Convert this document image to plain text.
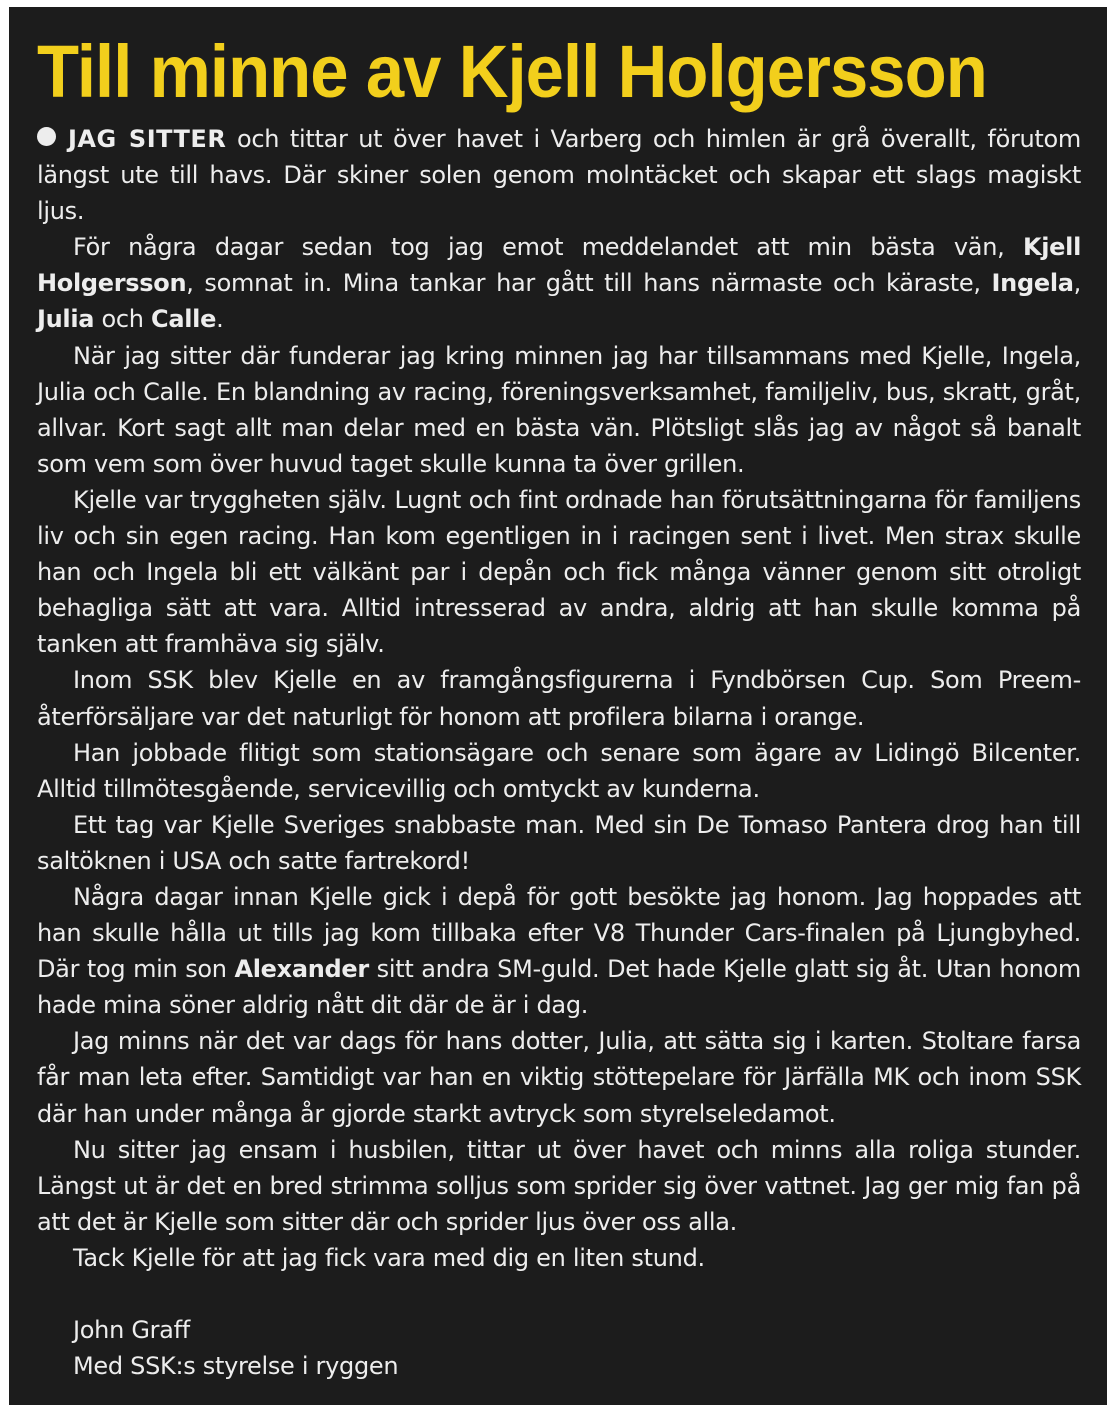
Till minne av Kjell Holgersson

JAG SITTER och tittar ut över havet i Varberg och himlen är grå överallt, förutom längst ute till havs. Där skiner solen genom molntäcket och skapar ett slags magiskt ljus.

För några dagar sedan tog jag emot meddelandet att min bästa vän, Kjell Holgersson, somnat in. Mina tankar har gått till hans närmaste och käraste, Ingela, Julia och Calle.

När jag sitter där funderar jag kring minnen jag har tillsammans med Kjelle, Ingela, Julia och Calle. En blandning av racing, föreningsverksamhet, familjeliv, bus, skratt, gråt, allvar. Kort sagt allt man delar med en bästa vän. Plötsligt slås jag av något så banalt som vem som över huvud taget skulle kunna ta över grillen.

Kjelle var tryggheten själv. Lugnt och fint ordnade han förutsättningarna för familjens liv och sin egen racing. Han kom egentligen in i racingen sent i livet. Men strax skulle han och Ingela bli ett välkänt par i depån och fick många vänner genom sitt otroligt behagliga sätt att vara. Alltid intresserad av andra, aldrig att han skulle komma på tanken att framhäva sig själv.

Inom SSK blev Kjelle en av framgångsfigurerna i Fyndbörsen Cup. Som Preem-återförsäljare var det naturligt för honom att profilera bilarna i orange.

Han jobbade flitigt som stationsägare och senare som ägare av Lidingö Bilcenter. Alltid tillmötesgående, servicevillig och omtyckt av kunderna.

Ett tag var Kjelle Sveriges snabbaste man. Med sin De Tomaso Pantera drog han till saltöknen i USA och satte fartrekord!

Några dagar innan Kjelle gick i depå för gott besökte jag honom. Jag hoppades att han skulle hålla ut tills jag kom tillbaka efter V8 Thunder Cars-finalen på Ljungbyhed. Där tog min son Alexander sitt andra SM-guld. Det hade Kjelle glatt sig åt. Utan honom hade mina söner aldrig nått dit där de är i dag.

Jag minns när det var dags för hans dotter, Julia, att sätta sig i karten. Stoltare farsa får man leta efter. Samtidigt var han en viktig stöttepelare för Järfälla MK och inom SSK där han under många år gjorde starkt avtryck som styrelseledamot.

Nu sitter jag ensam i husbilen, tittar ut över havet och minns alla roliga stunder. Längst ut är det en bred strimma solljus som sprider sig över vattnet. Jag ger mig fan på att det är Kjelle som sitter där och sprider ljus över oss alla.

Tack Kjelle för att jag fick vara med dig en liten stund.

John Graff
Med SSK:s styrelse i ryggen
